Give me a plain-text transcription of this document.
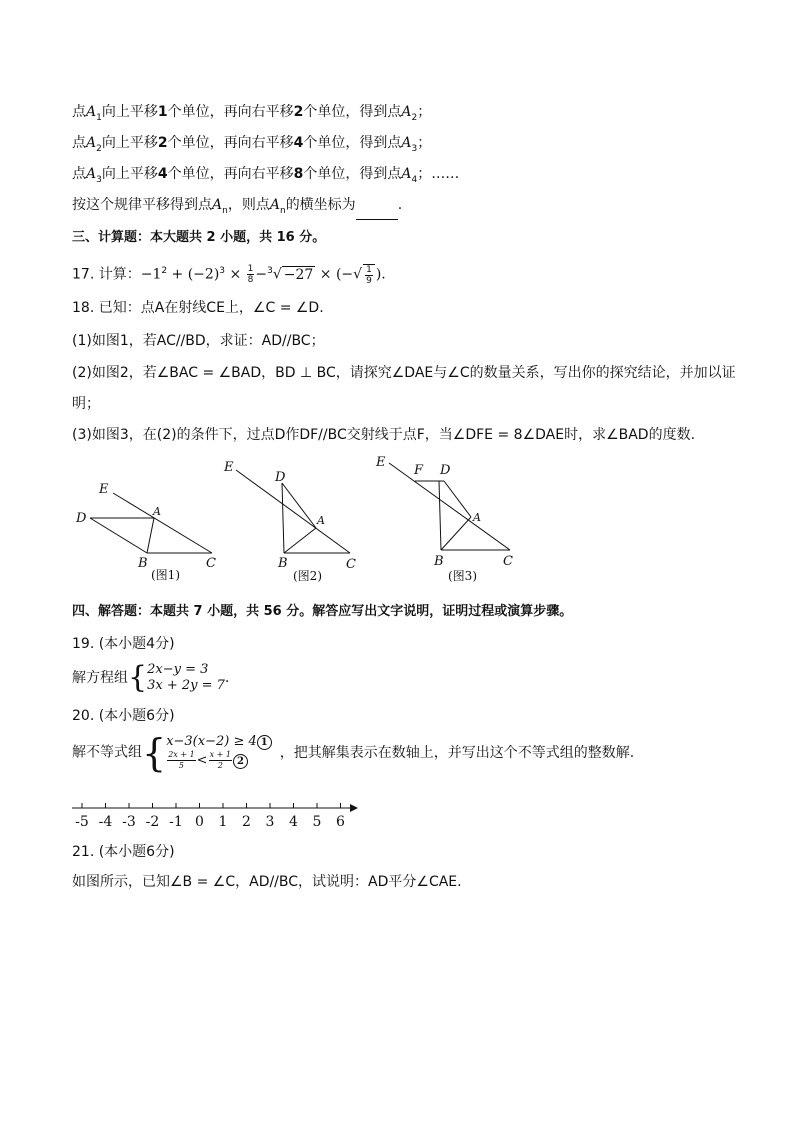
点$A_1$向上平移1个单位，再向右平移2个单位，得到点$A_2$；
点$A_2$向上平移2个单位，再向右平移4个单位，得到点$A_3$；
点$A_3$向上平移4个单位，再向右平移8个单位，得到点$A_4$；……
按这个规律平移得到点$A_n$，则点$A_n$的横坐标为	.
三、计算题：本大题共 2 小题，共 16 分。
17. 计算：$-1^2 + (-2)^3 \times \frac{1}{8} -^3√ -27$ × (−√ $\frac{1}{9}$ ).
18. 已知：点A在射线CE上，∠C = ∠D.
(1)如图1，若AC//BD，求证：AD//BC；
(2)如图2，若∠BAC = ∠BAD，BD ⊥ BC，请探究∠DAE与∠C的数量关系，写出你的探究结论，并加以证
明；
(3)如图3，在(2)的条件下，过点D作DF//BC交射线于点F，当∠DFE = 8∠DAE时，求∠BAD的度数.
E
D	A
B	C
E
D
A
B	C
E
F D
A
B	C
(图1)	(图2)	(图3)
四、解答题：本题共 7 小题，共 56 分。解答应写出文字说明，证明过程或演算步骤。
19. (本小题4分)
解方程组{ 2x−y = 3
3x + 2y = 7 .
20. (本小题6分)
解不等式组{ x−3(x−2) ≥ 4 1
$\frac{2x + 1}{5} < \frac{x + 1}{2} 2$
，把其解集表示在数轴上，并写出这个不等式组的整数解.
-5 -4 -3 -2 -1 0 1 2 3 4 5 6
21. (本小题6分)
如图所示，已知∠B = ∠C，AD//BC，试说明：AD平分∠CAE.
